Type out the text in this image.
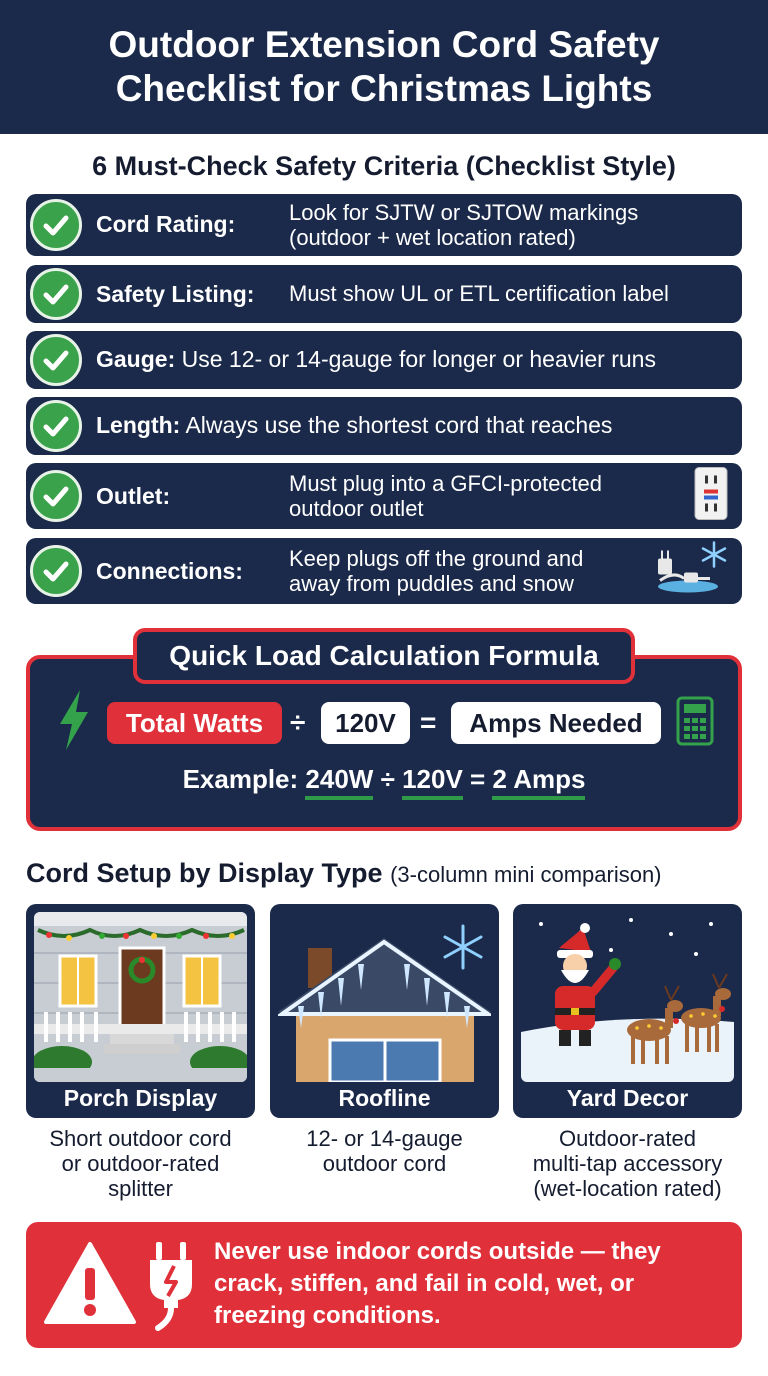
Outdoor Extension Cord Safety
Checklist for Christmas Lights
6 Must-Check Safety Criteria (Checklist Style)
Cord Rating: Look for SJTW or SJTOW markings
(outdoor + wet location rated)
Safety Listing: Must show UL or ETL certification label
Gauge: Use 12- or 14-gauge for longer or heavier runs
Length: Always use the shortest cord that reaches
Outlet:	Must plug into a GFCI-protected
outdoor outlet
Connections: Keep plugs off the ground and
away from puddles and snow
Quick Load Calculation Formula
Total Watts ÷	120V =	Amps Needed
Example: 240W ÷ 120V = 2 Amps
Cord Setup by Display Type (3-column mini comparison)
Porch Display
Short outdoor cord
or outdoor-rated
splitter
Roofline
12- or 14-gauge
outdoor cord
Yard Decor
Outdoor-rated
multi-tap accessory
(wet-location rated)
Never use indoor cords outside — they
crack, stiffen, and fail in cold, wet, or
freezing conditions.
